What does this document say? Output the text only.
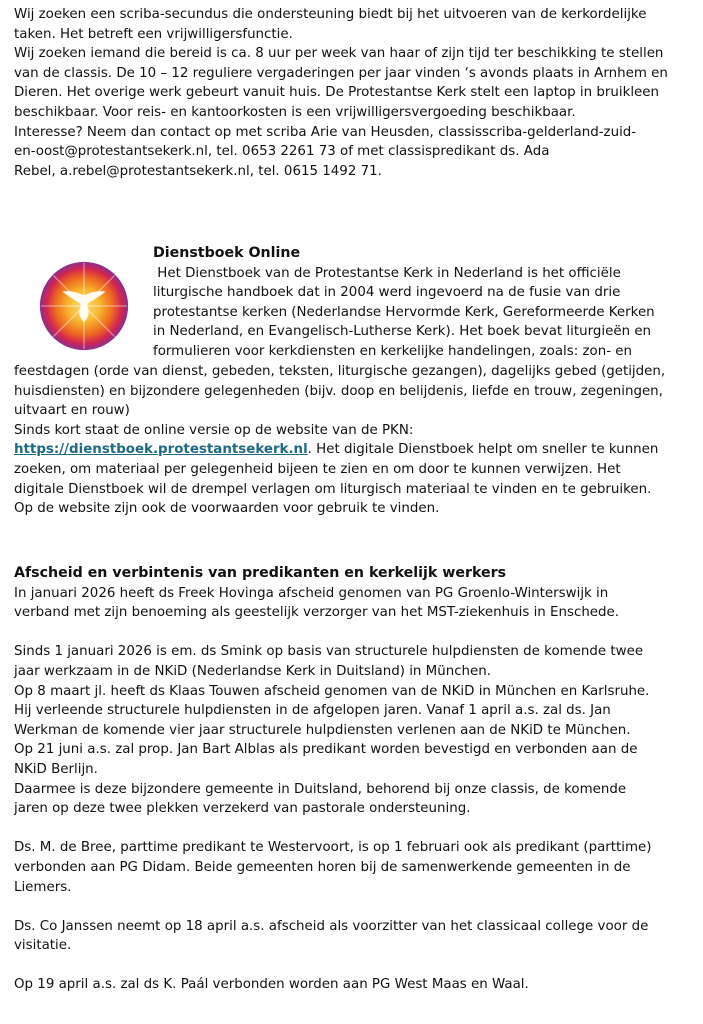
Wij zoeken een scriba-secundus die ondersteuning biedt bij het uitvoeren van de kerkordelijke
taken. Het betreft een vrijwilligersfunctie.
Wij zoeken iemand die bereid is ca. 8 uur per week van haar of zijn tijd ter beschikking te stellen
van de classis. De 10 – 12 reguliere vergaderingen per jaar vinden ‘s avonds plaats in Arnhem en
Dieren. Het overige werk gebeurt vanuit huis. De Protestantse Kerk stelt een laptop in bruikleen
beschikbaar. Voor reis- en kantoorkosten is een vrijwilligersvergoeding beschikbaar.
Interesse? Neem dan contact op met scriba Arie van Heusden, classisscriba-gelderland-zuid-
en-oost@protestantsekerk.nl, tel. 0653 2261 73 of met classispredikant ds. Ada
Rebel, a.rebel@protestantsekerk.nl, tel. 0615 1492 71.
Dienstboek Online
Het Dienstboek van de Protestantse Kerk in Nederland is het officiële
liturgische handboek dat in 2004 werd ingevoerd na de fusie van drie
protestantse kerken (Nederlandse Hervormde Kerk, Gereformeerde Kerken
in Nederland, en Evangelisch-Lutherse Kerk). Het boek bevat liturgieën en
formulieren voor kerkdiensten en kerkelijke handelingen, zoals: zon- en
feestdagen (orde van dienst, gebeden, teksten, liturgische gezangen), dagelijks gebed (getijden,
huisdiensten) en bijzondere gelegenheden (bijv. doop en belijdenis, liefde en trouw, zegeningen,
uitvaart en rouw)
Sinds kort staat de online versie op de website van de PKN:
https://dienstboek.protestantsekerk.nl. Het digitale Dienstboek helpt om sneller te kunnen
zoeken, om materiaal per gelegenheid bijeen te zien en om door te kunnen verwijzen. Het
digitale Dienstboek wil de drempel verlagen om liturgisch materiaal te vinden en te gebruiken.
Op de website zijn ook de voorwaarden voor gebruik te vinden.
Afscheid en verbintenis van predikanten en kerkelijk werkers
In januari 2026 heeft ds Freek Hovinga afscheid genomen van PG Groenlo-Winterswijk in
verband met zijn benoeming als geestelijk verzorger van het MST-ziekenhuis in Enschede.
Sinds 1 januari 2026 is em. ds Smink op basis van structurele hulpdiensten de komende twee
jaar werkzaam in de NKiD (Nederlandse Kerk in Duitsland) in München.
Op 8 maart jl. heeft ds Klaas Touwen afscheid genomen van de NKiD in München en Karlsruhe.
Hij verleende structurele hulpdiensten in de afgelopen jaren. Vanaf 1 april a.s. zal ds. Jan
Werkman de komende vier jaar structurele hulpdiensten verlenen aan de NKiD te München.
Op 21 juni a.s. zal prop. Jan Bart Alblas als predikant worden bevestigd en verbonden aan de
NKiD Berlijn.
Daarmee is deze bijzondere gemeente in Duitsland, behorend bij onze classis, de komende
jaren op deze twee plekken verzekerd van pastorale ondersteuning.
Ds. M. de Bree, parttime predikant te Westervoort, is op 1 februari ook als predikant (parttime)
verbonden aan PG Didam. Beide gemeenten horen bij de samenwerkende gemeenten in de
Liemers.
Ds. Co Janssen neemt op 18 april a.s. afscheid als voorzitter van het classicaal college voor de
visitatie.
Op 19 april a.s. zal ds K. Paál verbonden worden aan PG West Maas en Waal.
